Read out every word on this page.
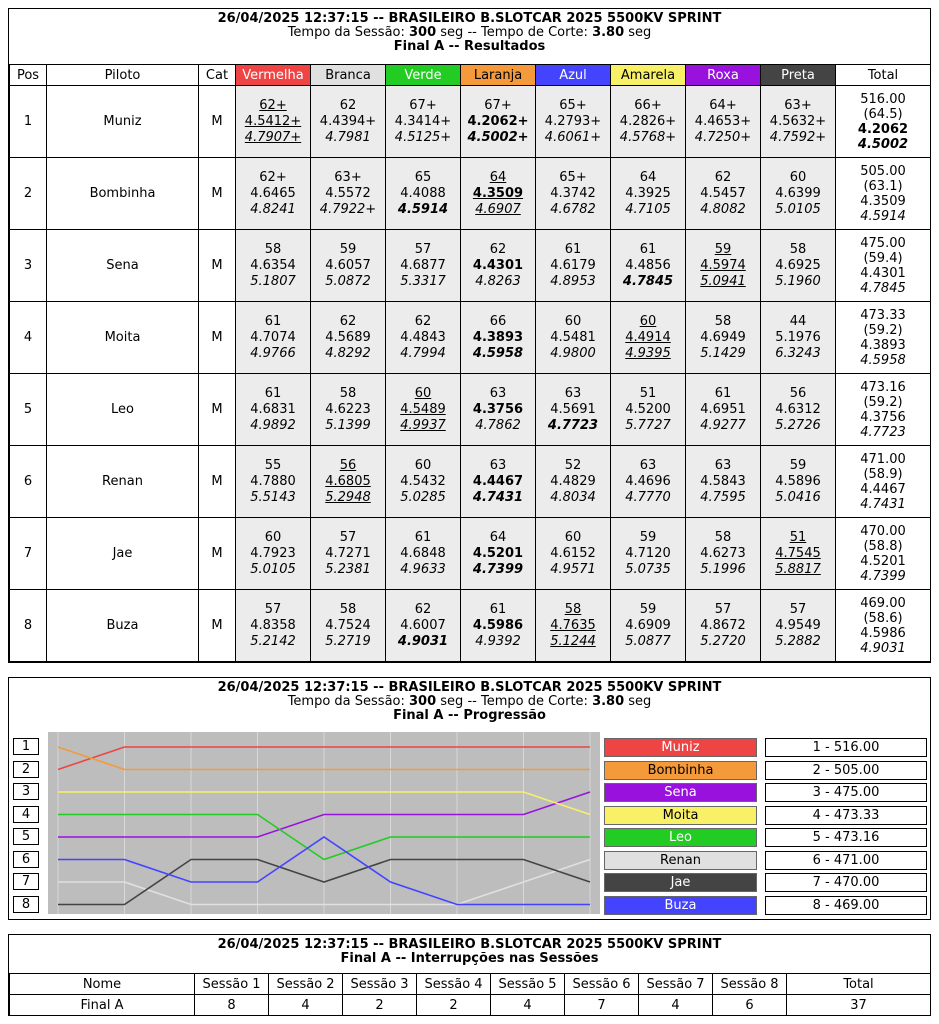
26/04/2025 12:37:15 -- BRASILEIRO B.SLOTCAR 2025 5500KV SPRINT
Tempo da Sessão: 300 seg -- Tempo de Corte: 3.80 seg
Final A -- Resultados
Pos	Piloto	Cat	Vermelha	Branca	Verde	Laranja	Azul	Amarela	Roxa	Preta	Total
1	Muniz	M	62+
4.5412+
4.7907+	62
4.4394+
4.7981	67+
4.3414+
4.5125+	67+
4.2062+
4.5002+	65+
4.2793+
4.6061+	66+
4.2826+
4.5768+	64+
4.4653+
4.7250+	63+
4.5632+
4.7592+	516.00
(64.5)
4.2062
4.5002

2	Bombinha	M	62+
4.6465
4.8241	63+
4.5572
4.7922+	65
4.4088
4.5914	64
4.3509
4.6907	65+
4.3742
4.6782	64
4.3925
4.7105	62
4.5457
4.8082	60
4.6399
5.0105	505.00
(63.1)
4.3509
4.5914

3	Sena	M	58
4.6354
5.1807	59
4.6057
5.0872	57
4.6877
5.3317	62
4.4301
4.8263	61
4.6179
4.8953	61
4.4856
4.7845	59
4.5974
5.0941	58
4.6925
5.1960	475.00
(59.4)
4.4301
4.7845

4	Moita	M	61
4.7074
4.9766	62
4.5689
4.8292	62
4.4843
4.7994	66
4.3893
4.5958	60
4.5481
4.9800	60
4.4914
4.9395	58
4.6949
5.1429	44
5.1976
6.3243	473.33
(59.2)
4.3893
4.5958

5	Leo	M	61
4.6831
4.9892	58
4.6223
5.1399	60
4.5489
4.9937	63
4.3756
4.7862	63
4.5691
4.7723	51
4.5200
5.7727	61
4.6951
4.9277	56
4.6312
5.2726	473.16
(59.2)
4.3756
4.7723

6	Renan	M	55
4.7880
5.5143	56
4.6805
5.2948	60
4.5432
5.0285	63
4.4467
4.7431	52
4.4829
4.8034	63
4.4696
4.7770	63
4.5843
4.7595	59
4.5896
5.0416	471.00
(58.9)
4.4467
4.7431

7	Jae	M	60
4.7923
5.0105	57
4.7271
5.2381	61
4.6848
4.9633	64
4.5201
4.7399	60
4.6152
4.9571	59
4.7120
5.0735	58
4.6273
5.1996	51
4.7545
5.8817	470.00
(58.8)
4.5201
4.7399

8	Buza	M	57
4.8358
5.2142	58
4.7524
5.2719	62
4.6007
4.9031	61
4.5986
4.9392	58
4.7635
5.1244	59
4.6909
5.0877	57
4.8672
5.2720	57
4.9549
5.2882	469.00
(58.6)
4.5986
4.9031
26/04/2025 12:37:15 -- BRASILEIRO B.SLOTCAR 2025 5500KV SPRINT
Tempo da Sessão: 300 seg -- Tempo de Corte: 3.80 seg
Final A -- Progressão
1
2
3
4
5
6
7
8
Muniz	1 - 516.00
Bombinha	2 - 505.00
Sena	3 - 475.00
Moita	4 - 473.33
Leo	5 - 473.16
Renan	6 - 471.00
Jae	7 - 470.00
Buza	8 - 469.00
26/04/2025 12:37:15 -- BRASILEIRO B.SLOTCAR 2025 5500KV SPRINT
Final A -- Interrupções nas Sessões
Nome	Sessão 1	Sessão 2	Sessão 3	Sessão 4	Sessão 5	Sessão 6	Sessão 7	Sessão 8	Total
Final A	8	4	2	2	4	7	4	6	37
